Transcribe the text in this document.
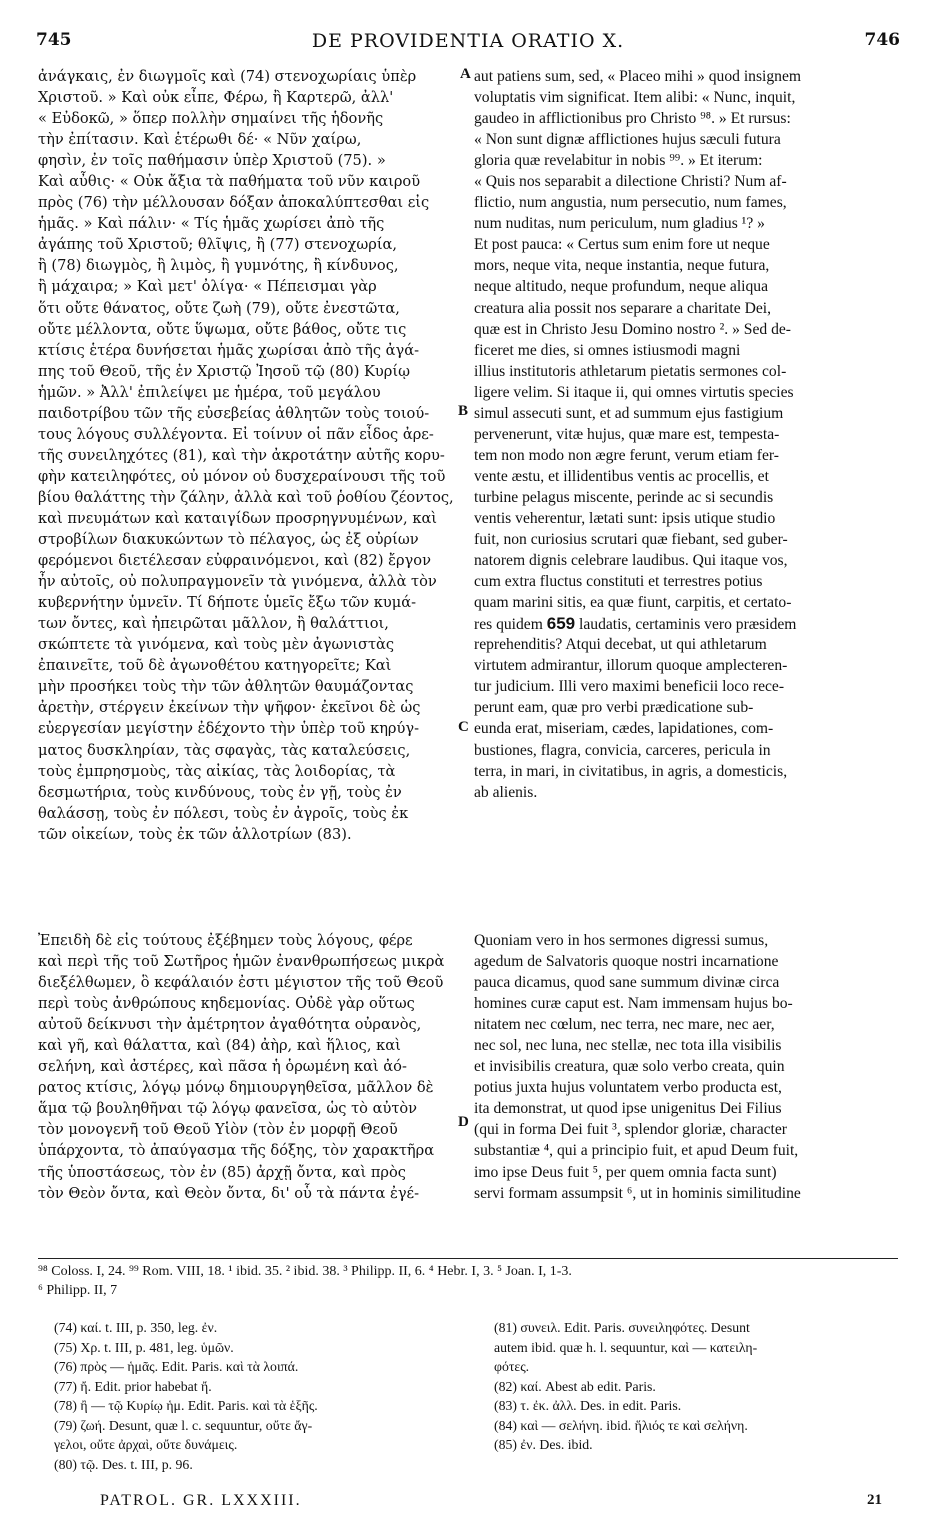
745	DE PROVIDENTIA ORATIO X.	746
A
B
C
D
ἀνάγκαις, ἐν διωγμοῖς καὶ (74) στενοχωρίαις ὑπὲρ
Χριστοῦ. » Καὶ οὐκ εἶπε, Φέρω, ἢ Καρτερῶ, ἀλλ'
« Εὐδοκῶ, » ὅπερ πολλὴν σημαίνει τῆς ἡδονῆς
τὴν ἐπίτασιν. Καὶ ἑτέρωθι δέ· « Νῦν χαίρω,
φησὶν, ἐν τοῖς παθήμασιν ὑπὲρ Χριστοῦ (75). »
Καὶ αὖθις· « Οὐκ ἄξια τὰ παθήματα τοῦ νῦν καιροῦ
πρὸς (76) τὴν μέλλουσαν δόξαν ἀποκαλύπτεσθαι εἰς
ἡμᾶς. » Καὶ πάλιν· « Τίς ἡμᾶς χωρίσει ἀπὸ τῆς
ἀγάπης τοῦ Χριστοῦ; θλῖψις, ἢ (77) στενοχωρία,
ἢ (78) διωγμὸς, ἢ λιμὸς, ἢ γυμνότης, ἢ κίνδυνος,
ἢ μάχαιρα; » Καὶ μετ' ὀλίγα· « Πέπεισμαι γὰρ
ὅτι οὔτε θάνατος, οὔτε ζωὴ (79), οὔτε ἐνεστῶτα,
οὔτε μέλλοντα, οὔτε ὕψωμα, οὔτε βάθος, οὔτε τις
κτίσις ἑτέρα δυνήσεται ἡμᾶς χωρίσαι ἀπὸ τῆς ἀγά-
πης τοῦ Θεοῦ, τῆς ἐν Χριστῷ Ἰησοῦ τῷ (80) Κυρίῳ
ἡμῶν. » Ἀλλ' ἐπιλείψει με ἡμέρα, τοῦ μεγάλου
παιδοτρίβου τῶν τῆς εὐσεβείας ἀθλητῶν τοὺς τοιού-
τους λόγους συλλέγοντα. Εἰ τοίνυν οἱ πᾶν εἶδος ἀρε-
τῆς συνειληχότες (81), καὶ τὴν ἀκροτάτην αὐτῆς κορυ-
φὴν κατειληφότες, οὐ μόνον οὐ δυσχεραίνουσι τῆς τοῦ
βίου θαλάττης τὴν ζάλην, ἀλλὰ καὶ τοῦ ῥοθίου ζέοντος,
καὶ πνευμάτων καὶ καταιγίδων προσρηγνυμένων, καὶ
στροβίλων διακυκώντων τὸ πέλαγος, ὡς ἐξ οὐρίων
φερόμενοι διετέλεσαν εὐφραινόμενοι, καὶ (82) ἔργον
ἦν αὐτοῖς, οὐ πολυπραγμονεῖν τὰ γινόμενα, ἀλλὰ τὸν
κυβερνήτην ὑμνεῖν. Τί δήποτε ὑμεῖς ἔξω τῶν κυμά-
των ὄντες, καὶ ἠπειρῶται μᾶλλον, ἢ θαλάττιοι,
σκώπτετε τὰ γινόμενα, καὶ τοὺς μὲν ἀγωνιστὰς
ἐπαινεῖτε, τοῦ δὲ ἀγωνοθέτου κατηγορεῖτε; Καὶ
μὴν προσήκει τοὺς τὴν τῶν ἀθλητῶν θαυμάζοντας
ἀρετὴν, στέργειν ἐκείνων τὴν ψῆφον· ἐκεῖνοι δὲ ὡς
εὐεργεσίαν μεγίστην ἐδέχοντο τὴν ὑπὲρ τοῦ κηρύγ-
ματος δυσκληρίαν, τὰς σφαγὰς, τὰς καταλεύσεις,
τοὺς ἐμπρησμοὺς, τὰς αἰκίας, τὰς λοιδορίας, τὰ
δεσμωτήρια, τοὺς κινδύνους, τοὺς ἐν γῇ, τοὺς ἐν
θαλάσσῃ, τοὺς ἐν πόλεσι, τοὺς ἐν ἀγροῖς, τοὺς ἐκ
τῶν οἰκείων, τοὺς ἐκ τῶν ἀλλοτρίων (83).
aut patiens sum, sed, « Placeo mihi » quod insignem
voluptatis vim significat. Item alibi: « Nunc, inquit,
gaudeo in afflictionibus pro Christo ⁹⁸. » Et rursus:
« Non sunt dignæ afflictiones hujus sæculi futura
gloria quæ revelabitur in nobis ⁹⁹. » Et iterum:
« Quis nos separabit a dilectione Christi? Num af-
flictio, num angustia, num persecutio, num fames,
num nuditas, num periculum, num gladius ¹? »
Et post pauca: « Certus sum enim fore ut neque
mors, neque vita, neque instantia, neque futura,
neque altitudo, neque profundum, neque aliqua
creatura alia possit nos separare a charitate Dei,
quæ est in Christo Jesu Domino nostro ². » Sed de-
ficeret me dies, si omnes istiusmodi magni
illius institutoris athletarum pietatis sermones col-
ligere velim. Si itaque ii, qui omnes virtutis species
simul assecuti sunt, et ad summum ejus fastigium
pervenerunt, vitæ hujus, quæ mare est, tempesta-
tem non modo non ægre ferunt, verum etiam fer-
vente æstu, et illidentibus ventis ac procellis, et
turbine pelagus miscente, perinde ac si secundis
ventis veherentur, lætati sunt: ipsis utique studio
fuit, non curiosius scrutari quæ fiebant, sed guber-
natorem dignis celebrare laudibus. Qui itaque vos,
cum extra fluctus constituti et terrestres potius
quam marini sitis, ea quæ fiunt, carpitis, et certato-
res quidem 659 laudatis, certaminis vero præsidem
reprehenditis? Atqui decebat, ut qui athletarum
virtutem admirantur, illorum quoque amplecteren-
tur judicium. Illi vero maximi beneficii loco rece-
perunt eam, quæ pro verbi prædicatione sub-
eunda erat, miseriam, cædes, lapidationes, com-
bustiones, flagra, convicia, carceres, pericula in
terra, in mari, in civitatibus, in agris, a domesticis,
ab alienis.
Ἐπειδὴ δὲ εἰς τούτους ἐξέβημεν τοὺς λόγους, φέρε
καὶ περὶ τῆς τοῦ Σωτῆρος ἡμῶν ἐνανθρωπήσεως μικρὰ
διεξέλθωμεν, ὃ κεφάλαιόν ἐστι μέγιστον τῆς τοῦ Θεοῦ
περὶ τοὺς ἀνθρώπους κηδεμονίας. Οὐδὲ γὰρ οὕτως
αὐτοῦ δείκνυσι τὴν ἀμέτρητον ἀγαθότητα οὐρανὸς,
καὶ γῆ, καὶ θάλαττα, καὶ (84) ἀὴρ, καὶ ἥλιος, καὶ
σελήνη, καὶ ἀστέρες, καὶ πᾶσα ἡ ὁρωμένη καὶ ἀό-
ρατος κτίσις, λόγῳ μόνῳ δημιουργηθεῖσα, μᾶλλον δὲ
ἅμα τῷ βουληθῆναι τῷ λόγῳ φανεῖσα, ὡς τὸ αὐτὸν
τὸν μονογενῆ τοῦ Θεοῦ Υἱὸν (τὸν ἐν μορφῇ Θεοῦ
ὑπάρχοντα, τὸ ἀπαύγασμα τῆς δόξης, τὸν χαρακτῆρα
τῆς ὑποστάσεως, τὸν ἐν (85) ἀρχῇ ὄντα, καὶ πρὸς
τὸν Θεὸν ὄντα, καὶ Θεὸν ὄντα, δι' οὗ τὰ πάντα ἐγέ-
Quoniam vero in hos sermones digressi sumus,
agedum de Salvatoris quoque nostri incarnatione
pauca dicamus, quod sane summum divinæ circa
homines curæ caput est. Nam immensam hujus bo-
nitatem nec cœlum, nec terra, nec mare, nec aer,
nec sol, nec luna, nec stellæ, nec tota illa visibilis
et invisibilis creatura, quæ solo verbo creata, quin
potius juxta hujus voluntatem verbo producta est,
ita demonstrat, ut quod ipse unigenitus Dei Filius
(qui in forma Dei fuit ³, splendor gloriæ, character
substantiæ ⁴, qui a principio fuit, et apud Deum fuit,
imo ipse Deus fuit ⁵, per quem omnia facta sunt)
servi formam assumpsit ⁶, ut in hominis similitudine
⁹⁸ Coloss. I, 24. ⁹⁹ Rom. VIII, 18. ¹ ibid. 35. ² ibid. 38. ³ Philipp. II, 6. ⁴ Hebr. I, 3. ⁵ Joan. I, 1-3.
⁶ Philipp. II, 7
(74) καί. t. III, p. 350, leg. ἐν.
(75) Χρ. t. III, p. 481, leg. ὑμῶν.
(76) πρὸς — ἡμᾶς. Edit. Paris. καὶ τὰ λοιπά.
(77) ἤ. Edit. prior habebat ἤ.
(78) ἢ — τῷ Κυρίῳ ἡμ. Edit. Paris. καὶ τὰ ἑξῆς.
(79) ζωή. Desunt, quæ l. c. sequuntur, οὔτε ἄγ-
γελοι, οὔτε ἀρχαὶ, οὔτε δυνάμεις.
(80) τῷ. Des. t. III, p. 96.
(81) συνειλ. Edit. Paris. συνειληφότες. Desunt
autem ibid. quæ h. l. sequuntur, καὶ — κατειλη-
φότες.
(82) καί. Abest ab edit. Paris.
(83) τ. ἐκ. ἀλλ. Des. in edit. Paris.
(84) καὶ — σελήνη. ibid. ἥλιός τε καὶ σελήνη.
(85) ἐν. Des. ibid.
PATROL. GR. LXXXIII.	21
